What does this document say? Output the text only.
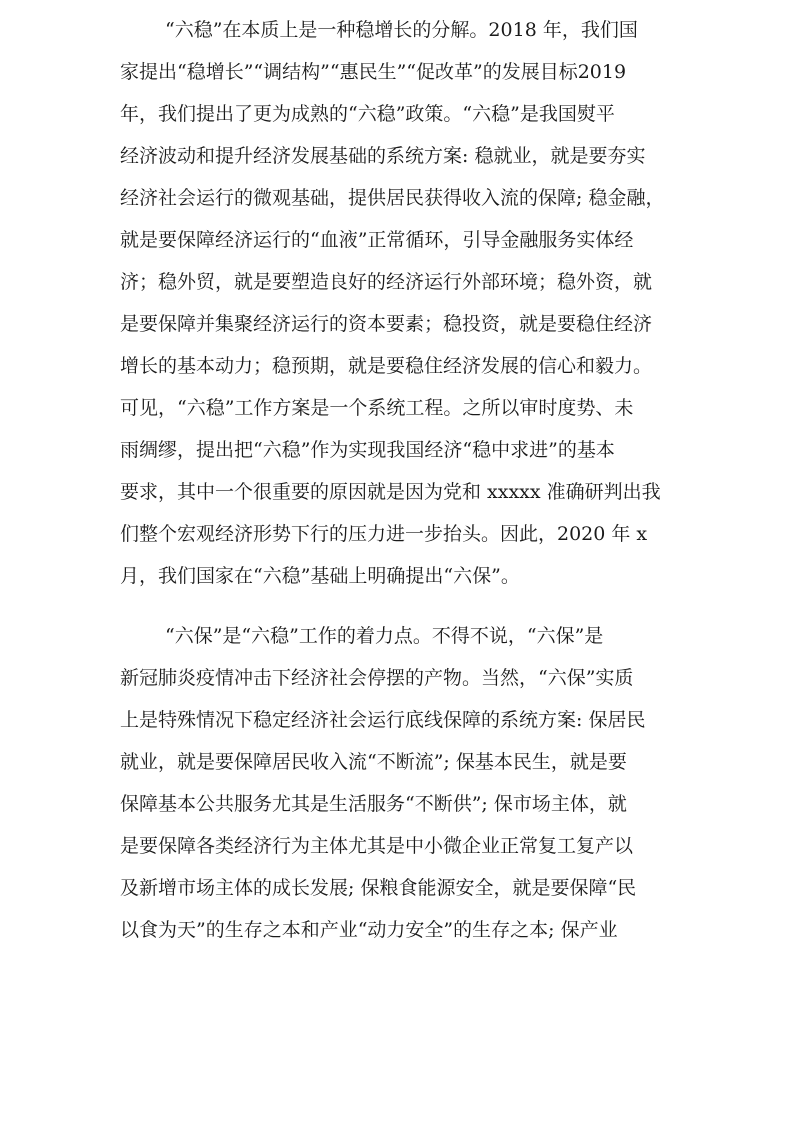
“六稳”在本质上是一种稳增长的分解。2018 年，我们国
家提出“稳增长”“调结构”“惠民生”“促改革”的发展目标2019
年，我们提出了更为成熟的“六稳”政策。“六稳”是我国熨平
经济波动和提升经济发展基础的系统方案: 稳就业，就是要夯实
经济社会运行的微观基础，提供居民获得收入流的保障; 稳金融，
就是要保障经济运行的“血液”正常循环，引导金融服务实体经
济；稳外贸，就是要塑造良好的经济运行外部环境；稳外资，就
是要保障并集聚经济运行的资本要素；稳投资，就是要稳住经济
增长的基本动力；稳预期，就是要稳住经济发展的信心和毅力。
可见，“六稳”工作方案是一个系统工程。之所以审时度势、未
雨绸缪，提出把“六稳”作为实现我国经济“稳中求进”的基本
要求，其中一个很重要的原因就是因为党和 xxxxx 准确研判出我
们整个宏观经济形势下行的压力进一步抬头。因此，2020 年 x
月，我们国家在“六稳”基础上明确提出“六保”。
“六保”是“六稳”工作的着力点。不得不说，“六保”是
新冠肺炎疫情冲击下经济社会停摆的产物。当然，“六保”实质
上是特殊情况下稳定经济社会运行底线保障的系统方案: 保居民
就业，就是要保障居民收入流“不断流”; 保基本民生，就是要
保障基本公共服务尤其是生活服务“不断供”; 保市场主体，就
是要保障各类经济行为主体尤其是中小微企业正常复工复产以
及新增市场主体的成长发展; 保粮食能源安全，就是要保障“民
以食为天”的生存之本和产业“动力安全”的生存之本; 保产业
